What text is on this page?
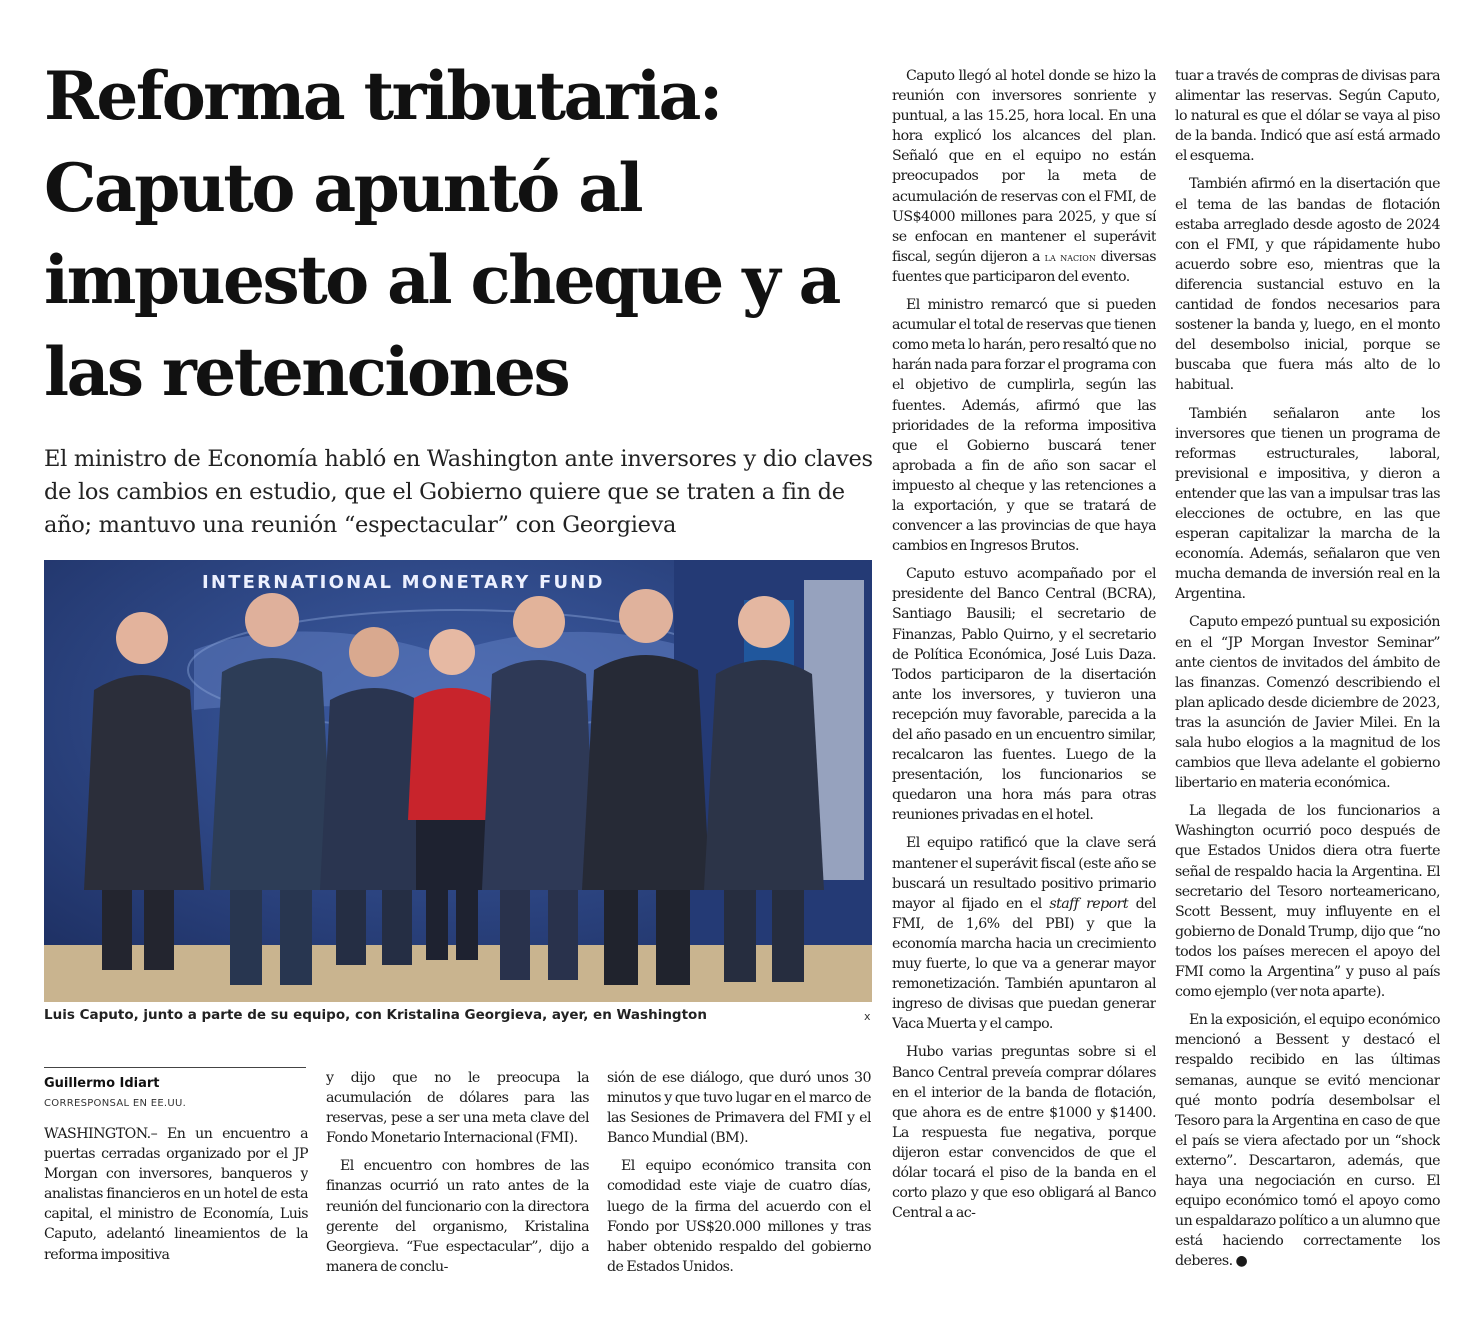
Reforma tributaria: Caputo apuntó al impuesto al cheque y a las retenciones

El ministro de Economía habló en Washington ante inversores y dio claves de los cambios en estudio, que el Gobierno quiere que se traten a fin de año; mantuvo una reunión “espectacular” con Georgieva

INTERNATIONAL MONETARY FUND
Luis Caputo, junto a parte de su equipo, con Kristalina Georgieva, ayer, en Washington	x
Guillermo Idiart
CORRESPONSAL EN EE.UU.

WASHINGTON.– En un encuentro a puertas cerradas organizado por el JP Morgan con inversores, banqueros y analistas financieros en un hotel de esta capital, el ministro de Economía, Luis Caputo, adelantó lineamientos de la reforma impositiva

y dijo que no le preocupa la acumulación de dólares para las reservas, pese a ser una meta clave del Fondo Monetario Internacional (FMI).

El encuentro con hombres de las finanzas ocurrió un rato antes de la reunión del funcionario con la directora gerente del organismo, Kristalina Georgieva. “Fue espectacular”, dijo a manera de conclu-

sión de ese diálogo, que duró unos 30 minutos y que tuvo lugar en el marco de las Sesiones de Primavera del FMI y el Banco Mundial (BM).

El equipo económico transita con comodidad este viaje de cuatro días, luego de la firma del acuerdo con el Fondo por US$20.000 millones y tras haber obtenido respaldo del gobierno de Estados Unidos.

Caputo llegó al hotel donde se hizo la reunión con inversores sonriente y puntual, a las 15.25, hora local. En una hora explicó los alcances del plan. Señaló que en el equipo no están preocupados por la meta de acumulación de reservas con el FMI, de US$4000 millones para 2025, y que sí se enfocan en mantener el superávit fiscal, según dijeron a la nacion diversas fuentes que participaron del evento.

El ministro remarcó que si pueden acumular el total de reservas que tienen como meta lo harán, pero resaltó que no harán nada para forzar el programa con el objetivo de cumplirla, según las fuentes. Además, afirmó que las prioridades de la reforma impositiva que el Gobierno buscará tener aprobada a fin de año son sacar el impuesto al cheque y las retenciones a la exportación, y que se tratará de convencer a las provincias de que haya cambios en Ingresos Brutos.

Caputo estuvo acompañado por el presidente del Banco Central (BCRA), Santiago Bausili; el secretario de Finanzas, Pablo Quirno, y el secretario de Política Económica, José Luis Daza. Todos participaron de la disertación ante los inversores, y tuvieron una recepción muy favorable, parecida a la del año pasado en un encuentro similar, recalcaron las fuentes. Luego de la presentación, los funcionarios se quedaron una hora más para otras reuniones privadas en el hotel.

El equipo ratificó que la clave será mantener el superávit fiscal (este año se buscará un resultado positivo primario mayor al fijado en el staff report del FMI, de 1,6% del PBI) y que la economía marcha hacia un crecimiento muy fuerte, lo que va a generar mayor remonetización. También apuntaron al ingreso de divisas que puedan generar Vaca Muerta y el campo.

Hubo varias preguntas sobre si el Banco Central preveía comprar dólares en el interior de la banda de flotación, que ahora es de entre $1000 y $1400. La respuesta fue negativa, porque dijeron estar convencidos de que el dólar tocará el piso de la banda en el corto plazo y que eso obligará al Banco Central a ac-

tuar a través de compras de divisas para alimentar las reservas. Según Caputo, lo natural es que el dólar se vaya al piso de la banda. Indicó que así está armado el esquema.

También afirmó en la disertación que el tema de las bandas de flotación estaba arreglado desde agosto de 2024 con el FMI, y que rápidamente hubo acuerdo sobre eso, mientras que la diferencia sustancial estuvo en la cantidad de fondos necesarios para sostener la banda y, luego, en el monto del desembolso inicial, porque se buscaba que fuera más alto de lo habitual.

También señalaron ante los inversores que tienen un programa de reformas estructurales, laboral, previsional e impositiva, y dieron a entender que las van a impulsar tras las elecciones de octubre, en las que esperan capitalizar la marcha de la economía. Además, señalaron que ven mucha demanda de inversión real en la Argentina.

Caputo empezó puntual su exposición en el “JP Morgan Investor Seminar” ante cientos de invitados del ámbito de las finanzas. Comenzó describiendo el plan aplicado desde diciembre de 2023, tras la asunción de Javier Milei. En la sala hubo elogios a la magnitud de los cambios que lleva adelante el gobierno libertario en materia económica.

La llegada de los funcionarios a Washington ocurrió poco después de que Estados Unidos diera otra fuerte señal de respaldo hacia la Argentina. El secretario del Tesoro norteamericano, Scott Bessent, muy influyente en el gobierno de Donald Trump, dijo que “no todos los países merecen el apoyo del FMI como la Argentina” y puso al país como ejemplo (ver nota aparte).

En la exposición, el equipo económico mencionó a Bessent y destacó el respaldo recibido en las últimas semanas, aunque se evitó mencionar qué monto podría desembolsar el Tesoro para la Argentina en caso de que el país se viera afectado por un “shock externo”. Descartaron, además, que haya una negociación en curso. El equipo económico tomó el apoyo como un espaldarazo político a un alumno que está haciendo correctamente los deberes. ●
